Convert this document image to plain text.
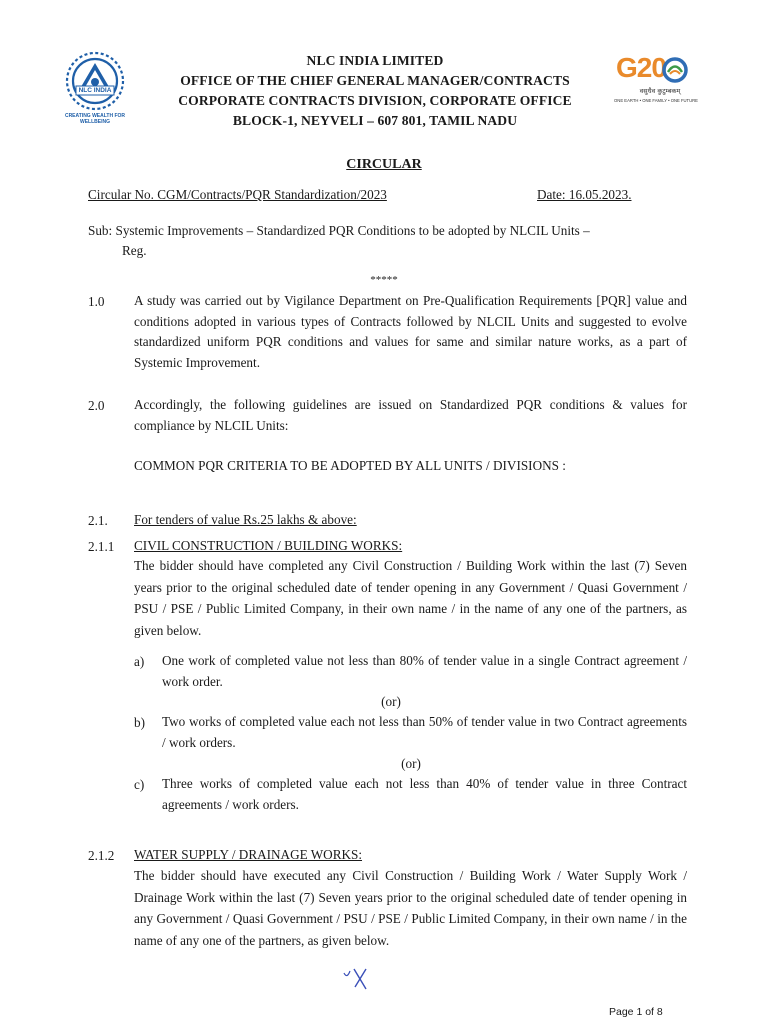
NLC INDIA
CREATING WEALTH FOR WELLBEING
NLC INDIA LIMITED
OFFICE OF THE CHIEF GENERAL MANAGER/CONTRACTS
CORPORATE CONTRACTS DIVISION, CORPORATE OFFICE
BLOCK-1, NEYVELI – 607 801, TAMIL NADU
G20
वसुधैव कुटुम्बकम्
ONE EARTH • ONE FAMILY • ONE FUTURE
CIRCULAR
Circular No. CGM/Contracts/PQR Standardization/2023	Date: 16.05.2023.
Sub: Systemic Improvements – Standardized PQR Conditions to be adopted by NLCIL Units –
Reg.
*****
1.0 A study was carried out by Vigilance Department on Pre-Qualification Requirements [PQR] value and conditions adopted in various types of Contracts followed by NLCIL Units and suggested to evolve standardized uniform PQR conditions and values for same and similar nature works, as a part of Systemic Improvement.
2.0 Accordingly, the following guidelines are issued on Standardized PQR conditions & values for compliance by NLCIL Units:
COMMON PQR CRITERIA TO BE ADOPTED BY ALL UNITS / DIVISIONS :
2.1. For tenders of value Rs.25 lakhs & above:
2.1.1 CIVIL CONSTRUCTION / BUILDING WORKS:
The bidder should have completed any Civil Construction / Building Work within the last (7) Seven years prior to the original scheduled date of tender opening in any Government / Quasi Government / PSU / PSE / Public Limited Company, in their own name / in the name of any one of the partners, as given below.
a) One work of completed value not less than 80% of tender value in a single Contract agreement / work order.
(or)
b) Two works of completed value each not less than 50% of tender value in two Contract agreements / work orders.
(or)
c) Three works of completed value each not less than 40% of tender value in three Contract agreements / work orders.
2.1.2 WATER SUPPLY / DRAINAGE WORKS:
The bidder should have executed any Civil Construction / Building Work / Water Supply Work / Drainage Work within the last (7) Seven years prior to the original scheduled date of tender opening in any Government / Quasi Government / PSU / PSE / Public Limited Company, in their own name / in the name of any one of the partners, as given below.
Page 1 of 8
